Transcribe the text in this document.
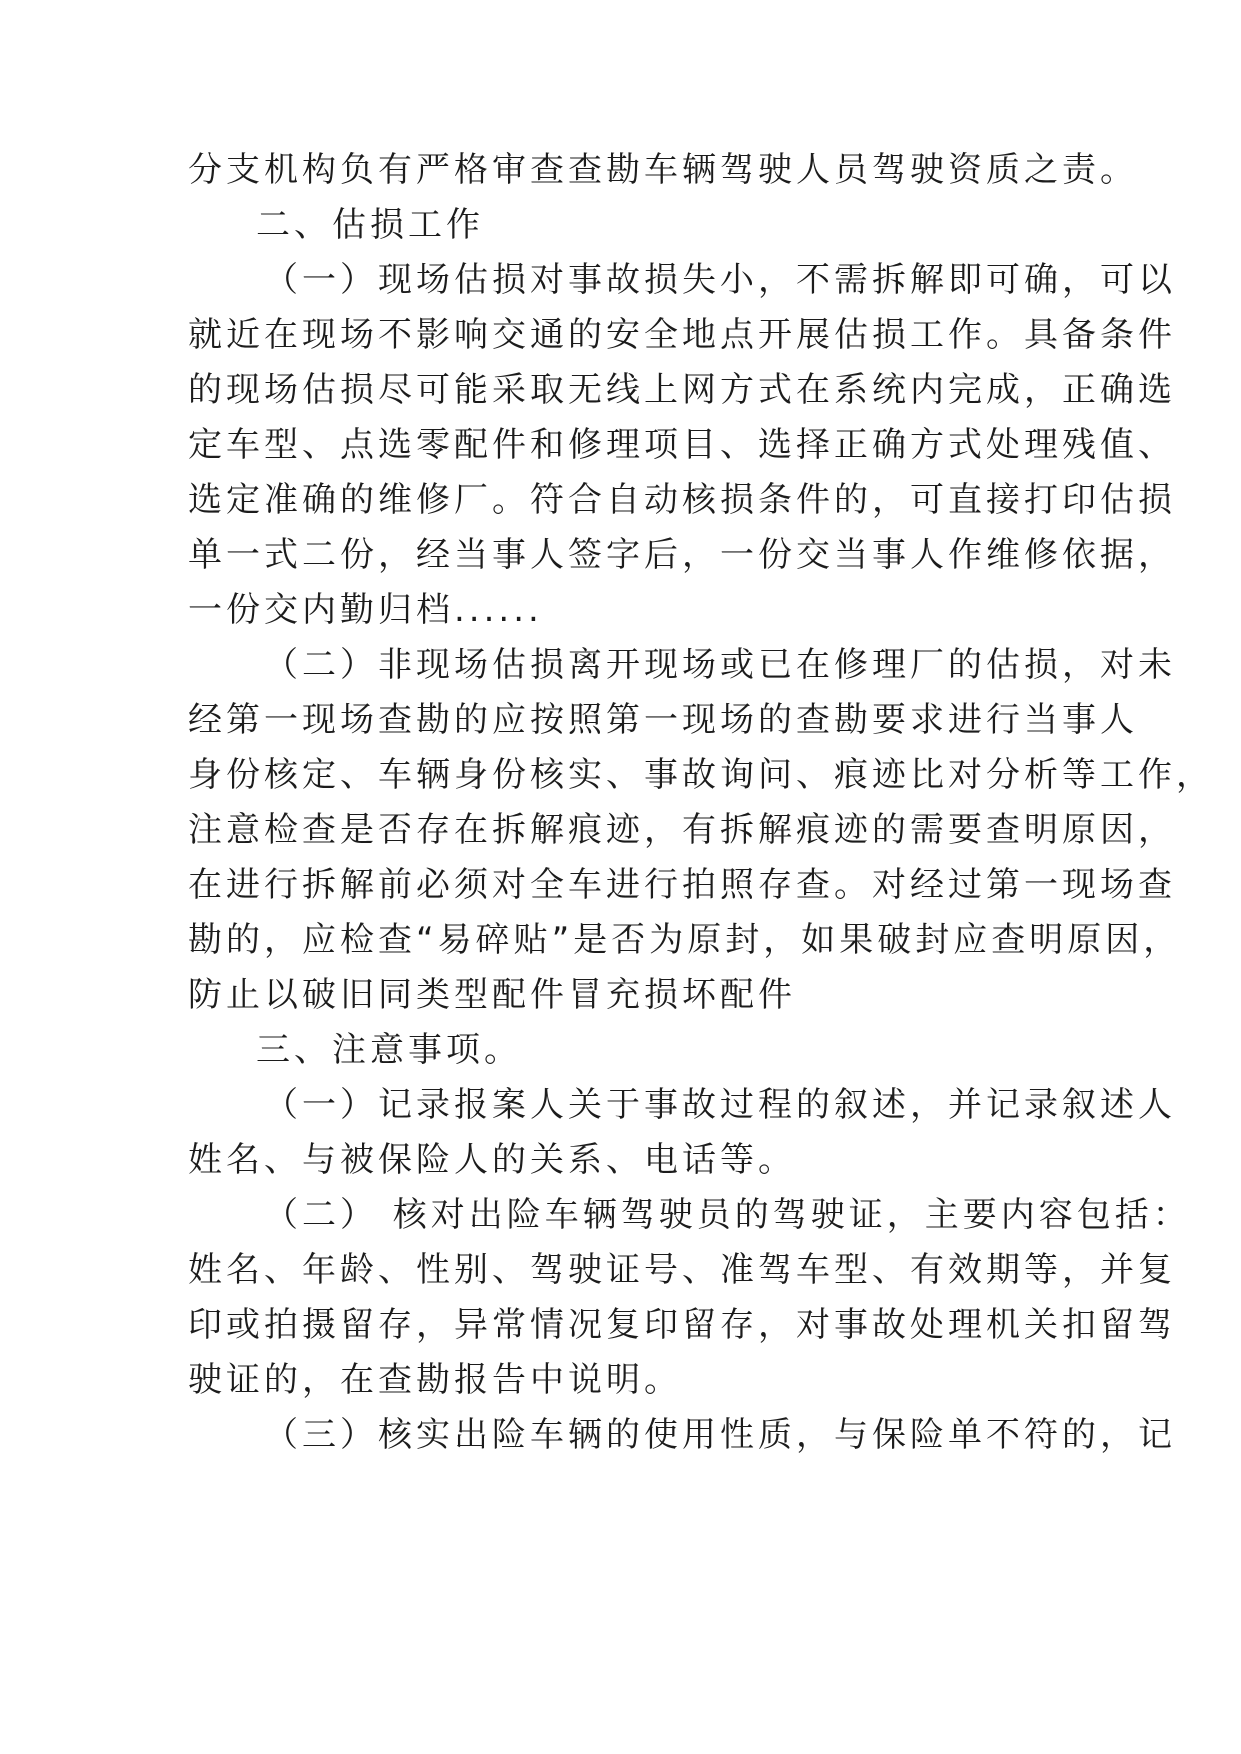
分支机构负有严格审查查勘车辆驾驶人员驾驶资质之责。
二、估损工作
（一）现场估损对事故损失小，不需拆解即可确，可以
就近在现场不影响交通的安全地点开展估损工作。具备条件
的现场估损尽可能采取无线上网方式在系统内完成，正确选
定车型、点选零配件和修理项目、选择正确方式处理残值、
选定准确的维修厂。符合自动核损条件的，可直接打印估损
单一式二份，经当事人签字后，一份交当事人作维修依据，
一份交内勤归档......
（二）非现场估损离开现场或已在修理厂的估损，对未
经第一现场查勘的应按照第一现场的查勘要求进行当事人
身份核定、车辆身份核实、事故询问、痕迹比对分析等工作，
注意检查是否存在拆解痕迹，有拆解痕迹的需要查明原因，
在进行拆解前必须对全车进行拍照存查。对经过第一现场查
勘的，应检查“易碎贴”是否为原封，如果破封应查明原因，
防止以破旧同类型配件冒充损坏配件
三、注意事项。
（一）记录报案人关于事故过程的叙述，并记录叙述人
姓名、与被保险人的关系、电话等。
（二） 核对出险车辆驾驶员的驾驶证，主要内容包括：
姓名、年龄、性别、驾驶证号、准驾车型、有效期等，并复
印或拍摄留存，异常情况复印留存，对事故处理机关扣留驾
驶证的，在查勘报告中说明。
（三）核实出险车辆的使用性质，与保险单不符的，记
